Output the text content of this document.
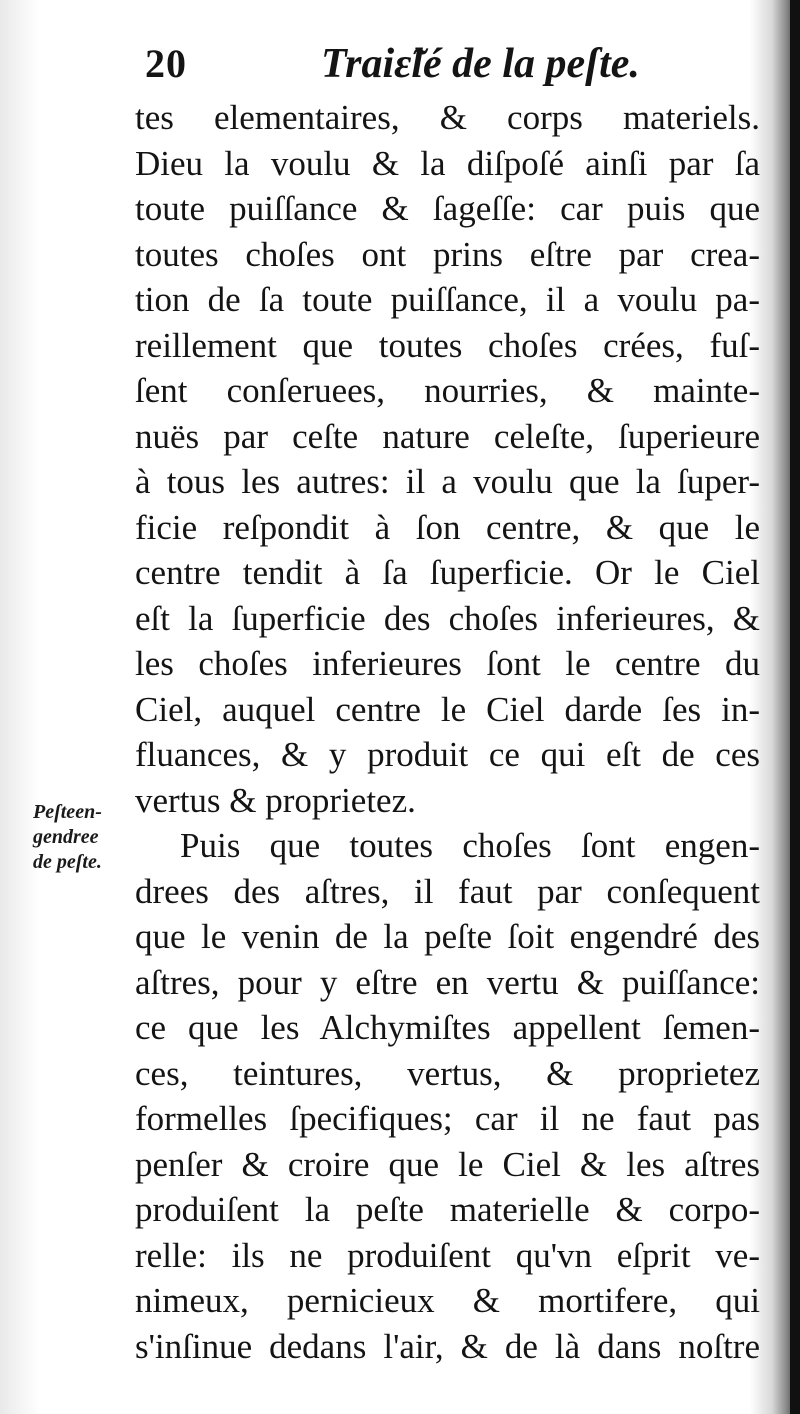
20	Traiɛ̃lé de la peſte.
Peſteen-
gendree
de peſte.
tes elementaires, & corps materiels.
Dieu la voulu & la diſpoſé ainſi par ſa
toute puiſſance & ſageſſe: car puis que
toutes choſes ont prins eſtre par crea-
tion de ſa toute puiſſance, il a voulu pa-
reillement que toutes choſes crées, fuſ-
ſent conſeruees, nourries, & mainte-
nuës par ceſte nature celeſte, ſuperieure
à tous les autres: il a voulu que la ſuper-
ficie reſpondit à ſon centre, & que le
centre tendit à ſa ſuperficie. Or le Ciel
eſt la ſuperficie des choſes inferieures, &
les choſes inferieures ſont le centre du
Ciel, auquel centre le Ciel darde ſes in-
fluances, & y produit ce qui eſt de ces
vertus & proprietez.
Puis que toutes choſes ſont engen-
drees des aſtres, il faut par conſequent
que le venin de la peſte ſoit engendré des
aſtres, pour y eſtre en vertu & puiſſance:
ce que les Alchymiſtes appellent ſemen-
ces, teintures, vertus, & proprietez
formelles ſpecifiques; car il ne faut pas
penſer & croire que le Ciel & les aſtres
produiſent la peſte materielle & corpo-
relle: ils ne produiſent qu'vn eſprit ve-
nimeux, pernicieux & mortifere, qui
s'inſinue dedans l'air, & de là dans noſtre
